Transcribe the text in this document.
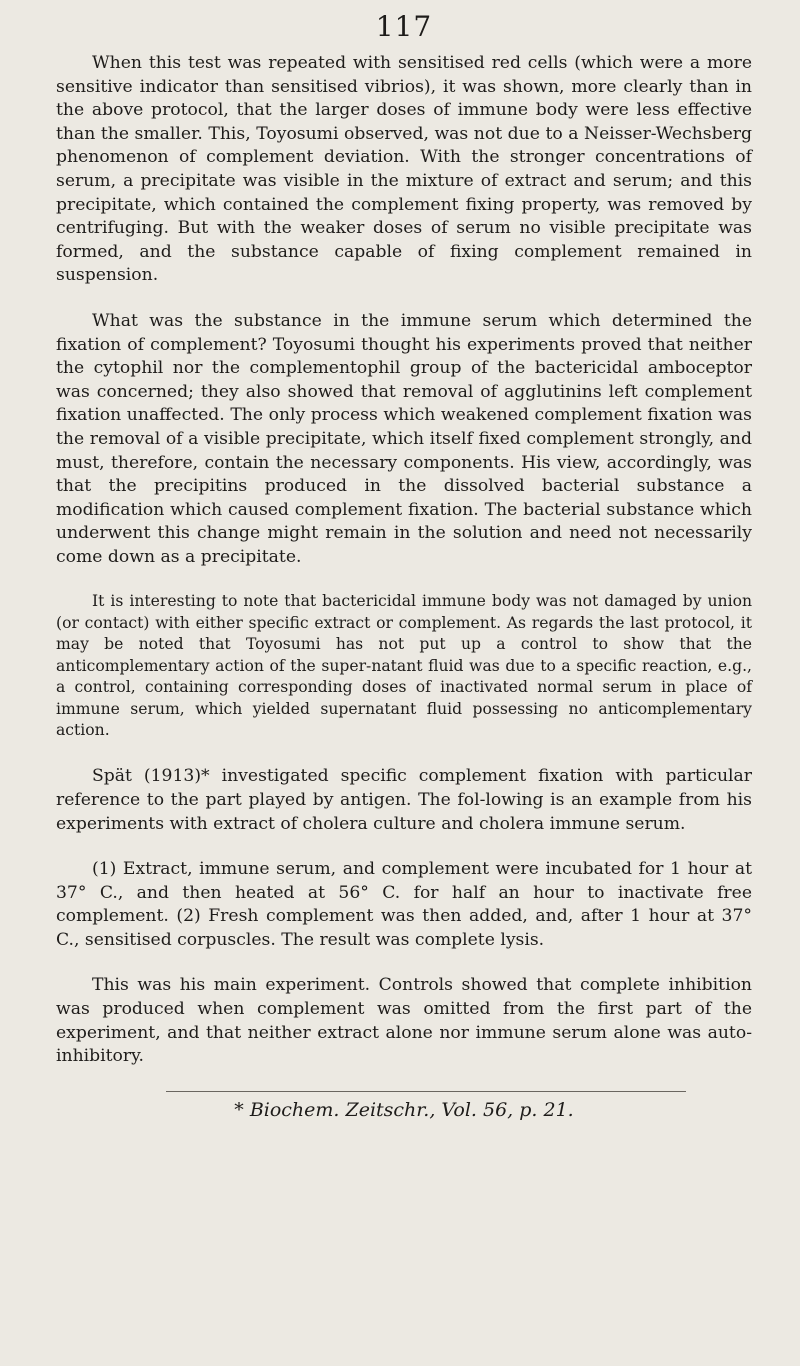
117

When this test was repeated with sensitised red cells (which were a more sensitive indicator than sensitised vibrios), it was shown, more clearly than in the above protocol, that the larger doses of immune body were less effective than the smaller. This, Toyosumi observed, was not due to a Neisser-Wechsberg phenomenon of complement deviation. With the stronger concentrations of serum, a precipitate was visible in the mixture of extract and serum; and this precipitate, which contained the complement fixing property, was removed by centrifuging. But with the weaker doses of serum no visible precipitate was formed, and the substance capable of fixing complement remained in suspension.

What was the substance in the immune serum which determined the fixation of complement? Toyosumi thought his experiments proved that neither the cytophil nor the complementophil group of the bactericidal amboceptor was concerned; they also showed that removal of agglutinins left complement fixation unaffected. The only process which weakened complement fixation was the removal of a visible precipitate, which itself fixed complement strongly, and must, therefore, contain the necessary components. His view, accordingly, was that the precipitins produced in the dissolved bacterial substance a modification which caused complement fixation. The bacterial substance which underwent this change might remain in the solution and need not necessarily come down as a precipitate.

It is interesting to note that bactericidal immune body was not damaged by union (or contact) with either specific extract or complement. As regards the last protocol, it may be noted that Toyosumi has not put up a control to show that the anticomplementary action of the super-natant fluid was due to a specific reaction, e.g., a control, containing corresponding doses of inactivated normal serum in place of immune serum, which yielded supernatant fluid possessing no anticomplementary action.

Spät (1913)* investigated specific complement fixation with particular reference to the part played by antigen. The fol-lowing is an example from his experiments with extract of cholera culture and cholera immune serum.

(1) Extract, immune serum, and complement were incubated for 1 hour at 37° C., and then heated at 56° C. for half an hour to inactivate free complement. (2) Fresh complement was then added, and, after 1 hour at 37° C., sensitised corpuscles. The result was complete lysis.

This was his main experiment. Controls showed that complete inhibition was produced when complement was omitted from the first part of the experiment, and that neither extract alone nor immune serum alone was auto-inhibitory.

* Biochem. Zeitschr., Vol. 56, p. 21.
